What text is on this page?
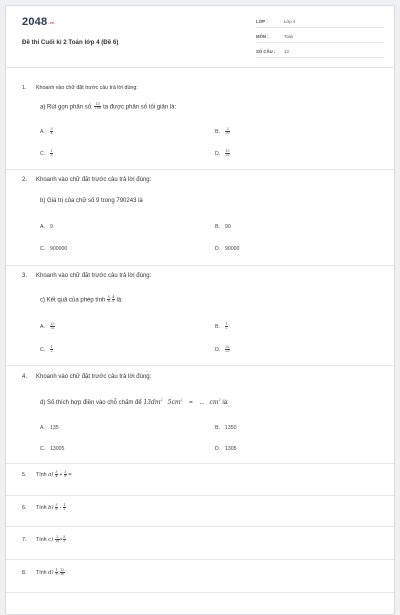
2048.vn
Đề thi Cuối kì 2 Toán lớp 4 (Đề 6)
LỚP :	Lớp 4
MÔN :	Toán
SỐ CÂU : 13
1. Khoanh vào chữ đặt trước câu trả lời đúng:
a) Rút gọn phân số: $\frac{15}{100}$ ta được phân số tối giản là:
A. $\frac{3}{4}$	B. $\frac{3}{20}$
C. $\frac{1}{5}$	D. $\frac{15}{25}$
2. Khoanh vào chữ đặt trước câu trả lời đúng:
b) Giá trị của chữ số 9 trong 790243 là
A. 9	B. 90
C. 900000	D. 90000
3. Khoanh vào chữ đặt trước câu trả lời đúng:
c) Kết quả của phép tính $\frac{5}{8}$ : $\frac{4}{5}$ là:
A. $\frac{25}{32}$	B. $\frac{1}{2}$
C. $\frac{1}{2}$	D. $\frac{32}{25}$
4. Khoanh vào chữ đặt trước câu trả lời đúng:
d) Số thích hợp điền vào chỗ chấm để $13dm^2$ $5cm^2$ = ... $cm^2$ là:
A. 135	B. 1350
C. 13005	D. 1305
5. Tính $a) \frac{3}{4} + \frac{3}{8}$ =
6. Tính $b) \frac{5}{6} - \frac{1}{2}$
7. Tính $c) \frac{2}{15} \times \frac{5}{2}$
8. Tính $d) \frac{1}{8}$ : $\frac{12}{10}$
